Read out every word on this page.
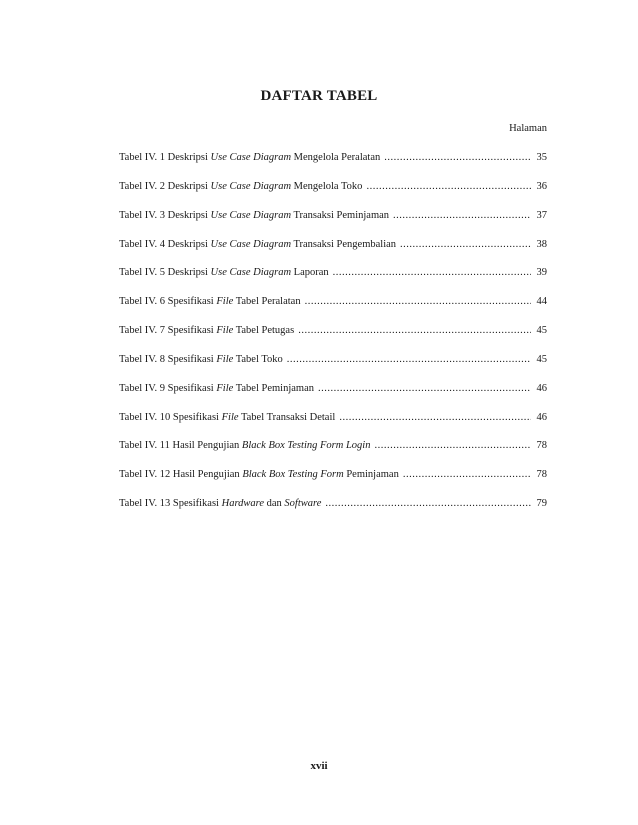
DAFTAR TABEL
Halaman
Tabel IV. 1 Deskripsi Use Case Diagram Mengelola Peralatan .....	35
Tabel IV. 2 Deskripsi Use Case Diagram Mengelola Toko .....	36
Tabel IV. 3 Deskripsi Use Case Diagram Transaksi Peminjaman .....	37
Tabel IV. 4 Deskripsi Use Case Diagram Transaksi Pengembalian .....	38
Tabel IV. 5 Deskripsi Use Case Diagram Laporan .....	39
Tabel IV. 6 Spesifikasi File Tabel Peralatan .....	44
Tabel IV. 7 Spesifikasi File Tabel Petugas .....	45
Tabel IV. 8 Spesifikasi File Tabel Toko .....	45
Tabel IV. 9 Spesifikasi File Tabel Peminjaman .....	46
Tabel IV. 10 Spesifikasi File Tabel Transaksi Detail .....	46
Tabel IV. 11 Hasil Pengujian Black Box Testing Form Login .....	78
Tabel IV. 12 Hasil Pengujian Black Box Testing Form Peminjaman .....	78
Tabel IV. 13 Spesifikasi Hardware dan Software .....	79
xvii
